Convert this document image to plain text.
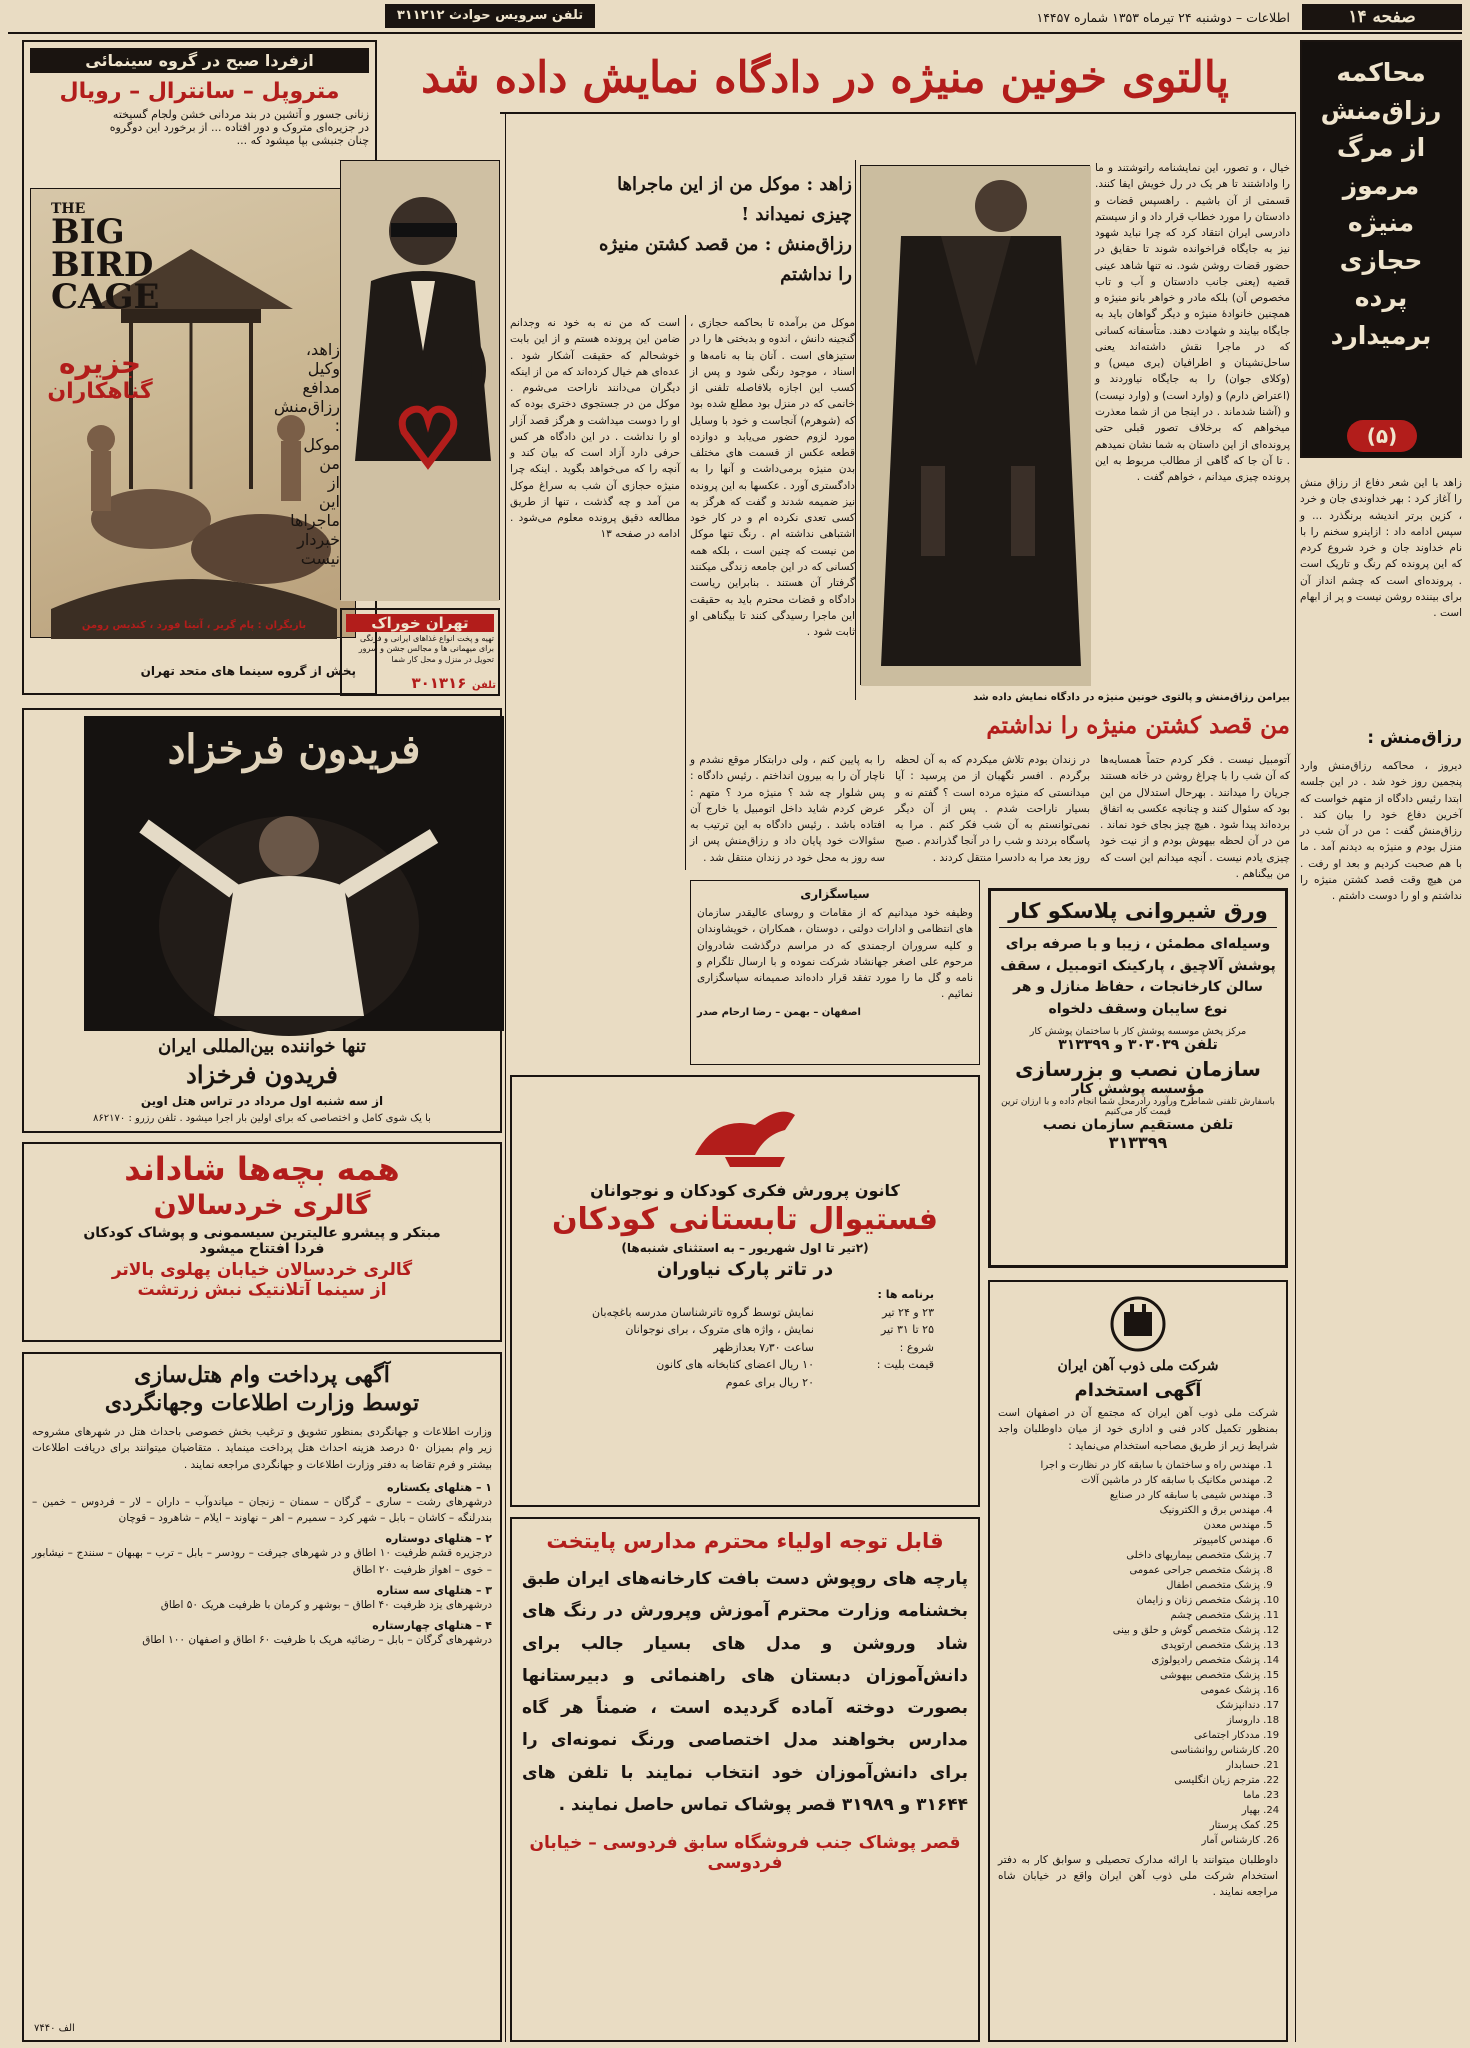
صفحه ۱۴
اطلاعات – دوشنبه ۲۴ تیرماه ۱۳۵۳ شماره ۱۴۴۵۷
تلفن سرویس حوادث ۳۱۱۲۱۲
ازفردا صبح در گروه سینمائی
متروپل – سانترال – رویال
زنانی جسور و آتشین در بند مردانی خشن ولجام گسیخته
در جزیره‌ای متروک و دور افتاده ... از برخورد این دوگروه
چنان جنبشی بپا میشود که ...
THE
BIG
BIRD
CAGE
جزیره
گناهکاران
بازیگران : پام گریر ، آنیتا فورد ، کندیس رومن
پخش از گروه سینما های متحد تهران
تهران خوراک
تهیه و پخت انواع غذاهای ایرانی و فرنگی
برای میهمانی ها و مجالس جشن و سرور
تحویل در منزل و محل کار شما
تلفن ۳۰۱۳۱۶
فریدون فرخزاد
تنها خواننده بین‌المللی ایران
فریدون فرخزاد
از سه شنبه اول مرداد در تراس هتل اوین
با یک شوی کامل و اختصاصی که برای اولین بار اجرا میشود . تلفن رزرو : ۸۶۲۱۷۰
همه بچه‌ها شاد‌اند
گالری خردسالان
مبتکر و پیشرو عالیترین سیسمونی و پوشاک کودکان
فردا افتتاح میشود
گالری خردسالان خیابان پهلوی بالاتر
از سینما آتلانتیک نبش زرتشت
آگهی پرداخت وام هتل‌سازی
توسط وزارت اطلاعات وجهانگردی
وزارت اطلاعات و جهانگردی بمنظور تشویق و ترغیب بخش خصوصی باحداث هتل در شهرهای مشروحه زیر وام بمیزان ۵۰ درصد هزینه احداث هتل پرداخت مینماید . متقاضیان میتوانند برای دریافت اطلاعات بیشتر و فرم تقاضا به دفتر وزارت اطلاعات و جهانگردی مراجعه نمایند .
۱ – هتلهای یکستاره
درشهرهای رشت – ساری – گرگان – سمنان – زنجان – میاندوآب – داران – لار – فردوس – خمین – بندرلنگه – کاشان – بابل – شهر کرد – سمیرم – اهر – نهاوند – ایلام – شاهرود – قوچان
۲ – هتلهای دوستاره
درجزیره قشم ظرفیت ۱۰ اطاق و در شهرهای جیرفت – رودسر – بابل – ترب – بهبهان – سنندج – نیشابور – خوی – اهواز ظرفیت ۲۰ اطاق
۳ – هتلهای سه ستاره
درشهرهای یزد ظرفیت ۴۰ اطاق – بوشهر و کرمان با ظرفیت هریک ۵۰ اطاق
۴ – هتلهای چهارستاره
درشهرهای گرگان – بابل – رضائیه هریک با ظرفیت ۶۰ اطاق و اصفهان ۱۰۰ اطاق
الف ۷۴۴۰
محاکمه
رزاق‌منش
از مرگ
مرموز
منیژه
حجازی
پرده
برمیدارد
(۵)
پالتوی خونین منیژه در دادگاه نمایش داده شد
زاهد : موکل من از این ماجراها
چیزی نمیداند !
رزاق‌منش : من قصد کشتن منیژه
را نداشتم
بیرامن رزاق‌منش و پالتوی خونین منیژه در دادگاه نمایش داده شد
خیال ، و تصور، این نمایشنامه راتوشتند و ما را واداشتند تا هر یک در رل خویش ایفا کنند. قسمتی از آن باشیم . راهسپس قضات و دادستان را مورد خطاب قرار داد و از سیستم دادرسی ایران انتقاد کرد که چرا نباید شهود نیز به جایگاه فراخوانده شوند تا حقایق در حضور قضات روشن شود. نه تنها شاهد عینی قضیه (یعنی جانب دادستان و آب و تاب مخصوص آن) بلکه مادر و خواهر بانو منیژه و همچنین خانوادهٔ منیژه و دیگر گواهان باید به جایگاه بیایند و شهادت دهند. متأسفانه کسانی که در ماجرا نقش داشته‌اند یعنی ساحل‌نشینان و اطرافیان (یری میس) و (وکلای جوان) را به جایگاه نیاوردند و (اعتراض دارم) و (وارد است) و (وارد نیست) و (آشنا شدماند . در اینجا من از شما معذرت میخواهم که برخلاف تصور قبلی حتی پرونده‌ای از این داستان به شما نشان نمیدهم . تا آن جا که گاهی از مطالب مربوط به این پرونده چیزی میدانم ، خواهم گفت .
موکل من برآمده تا بحاکمه حجازی ، گنجینه دانش ، اندوه و بدبختی ها را در ستیزهای است . آنان بنا به نامه‌ها و اسناد ، موجود رنگی شود و پس از کسب این اجازه بلافاصله تلفنی از خانمی که در منزل بود مطلع شده بود که (شوهرم) آنجاست و خود با وسایل مورد لزوم حضور می‌یابد و دوازده قطعه عکس از قسمت های مختلف بدن منیژه برمی‌داشت و آنها را به دادگستری آورد . عکسها به این پرونده نیز ضمیمه شدند و گفت که هرگز به کسی تعدی نکرده ام و در کار خود اشتباهی نداشته ام . رنگ تنها موکل من نیست که چنین است ، بلکه همه کسانی که در این جامعه زندگی میکنند گرفتار آن هستند . بنابراین ریاست دادگاه و قضات محترم باید به حقیقت این ماجرا رسیدگی کنند تا بیگناهی او ثابت شود .
است که من نه به خود نه وجدانم ضامن این پرونده هستم و از این بابت خوشحالم که حقیقت آشکار شود . عده‌ای هم خیال کرده‌اند که من از اینکه دیگران می‌دانند ناراحت می‌شوم . موکل من در جستجوی دختری بوده که او را دوست میداشت و هرگز قصد آزار او را نداشت . در این دادگاه هر کس حرفی دارد آزاد است که بیان کند و آنچه را که می‌خواهد بگوید . اینکه چرا منیژه حجازی آن شب به سراغ موکل من آمد و چه گذشت ، تنها از طریق مطالعه دقیق پرونده معلوم می‌شود . ادامه در صفحه ۱۳
زاهد با این شعر دفاع از رزاق منش را آغاز کرد : بهر خداوندی جان و خرد ، کزین برتر اندیشه برنگذرد ... و سپس ادامه داد : ازاینرو سخنم را با نام خداوند جان و خرد شروع کردم که این پرونده کم رنگ و تاریک است . پرونده‌ای است که چشم انداز آن برای بیننده روشن نیست و پر از ابهام است .
من قصد کشتن منیژه را نداشتم	رزاق‌منش :
دیروز ، محاکمه رزاق‌منش وارد پنجمین روز خود شد . در این جلسه ابتدا رئیس دادگاه از متهم خواست که آخرین دفاع خود را بیان کند . رزاق‌منش گفت : من در آن شب در منزل بودم و منیژه به دیدنم آمد . ما با هم صحبت کردیم و بعد او رفت . من هیچ وقت قصد کشتن منیژه را نداشتم و او را دوست داشتم .
آتومبیل نیست . فکر کردم حتماً همسایه‌ها که آن شب را با چراغ روشن در خانه هستند جریان را میدانند . بهرحال استدلال من این بود که سئوال کنند و چنانچه عکسی به اتفاق برده‌اند پیدا شود . هیچ چیز بجای خود نماند . من در آن لحظه بیهوش بودم و از نیت خود چیزی یادم نیست . آنچه میدانم این است که من بیگناهم .
در زندان بودم تلاش میکردم که به آن لحظه برگردم . افسر نگهبان از من پرسید : آیا میدانستی که منیژه مرده است ؟ گفتم نه و بسیار ناراحت شدم . پس از آن دیگر نمی‌توانستم به آن شب فکر کنم . مرا به پاسگاه بردند و شب را در آنجا گذراندم . صبح روز بعد مرا به دادسرا منتقل کردند .
را به پایین کنم ، ولی درابتکار موقع نشدم و ناچار آن را به بیرون انداختم . رئیس دادگاه : پس شلوار چه شد ؟ منیژه مرد ؟ متهم : عرض کردم شاید داخل اتومبیل یا خارج آن افتاده باشد . رئیس دادگاه به این ترتیب به سئوالات خود پایان داد و رزاق‌منش پس از سه روز به محل خود در زندان منتقل شد .
سیاسگزاری
وظیفه خود میدانیم که از مقامات و روسای عالیقدر سازمان های انتظامی و ادارات دولتی ، دوستان ، همکاران ، خویشاوندان و کلیه سروران ارجمندی که در مراسم درگذشت شادروان مرحوم علی اصغر جهانشاد شرکت نموده و با ارسال تلگرام و نامه و گل ما را مورد تفقد قرار داده‌اند صمیمانه سپاسگزاری نمائیم .
اصفهان – بهمن – رضا ارحام صدر
ورق شیروانی پلاسکو کار
وسیله‌ای مطمئن ، زیبا و با صرفه برای پوشش آلاچیق ، پارکینک اتومبیل ، سقف سالن کارخانجات ، حفاظ منازل و هر نوع سایبان وسقف دلخواه
مرکز پخش موسسه پوشش کار با ساختمان پوشش کار
تلفن ۳۰۳۰۳۹ و ۳۱۳۳۹۹
سازمان نصب و بزرسازی
مؤسسه پوشش کار
باسفارش تلفنی شماطرح ورآورد رادرمحل شما انجام داده و با ارزان ترین قیمت کار می‌کنیم
تلفن مستقیم سازمان نصب
۳۱۳۳۹۹
کانون پرورش فکری کودکان و نوجوانان
فستیوال تابستانی کودکان
(۲تیر تا اول شهریور – به استثنای شنبه‌ها)
در تاتر پارک نیاوران
برنامه ها :
۲۳ و ۲۴ تیرنمایش توسط گروه تاترشناسان مدرسه باغچه‌بان
۲۵ تا ۳۱ تیرنمایش ، واژه های متروک ، برای نوجوانان
شروع :ساعت ۷٫۳۰ بعدازظهر
قیمت بلیت :۱۰ ریال اعضای کتابخانه های کانون
۲۰ ریال برای عموم
قابل توجه اولیاء محترم مدارس پایتخت
پارچه های روپوش دست بافت کارخانه‌های ایران طبق بخشنامه وزارت محترم آموزش وپرورش در رنگ های شاد وروشن و مدل های بسیار جالب برای دانش‌آموزان دبستان های راهنمائی و دبیرستانها بصورت دوخته آماده گردیده است ، ضمناً هر گاه مدارس بخواهند مدل اختصاصی ورنگ نمونه‌ای را برای دانش‌آموزان خود انتخاب نمایند با تلفن های ۳۱۶۴۴ و ۳۱۹۸۹ قصر پوشاک تماس حاصل نمایند .
قصر پوشاک جنب فروشگاه سابق فردوسی – خیابان فردوسی
شرکت ملی ذوب آهن ایران
آگهی استخدام
شرکت ملی ذوب آهن ایران که مجتمع آن در اصفهان است بمنظور تکمیل کادر فنی و اداری خود از میان داوطلبان واجد شرایط زیر از طریق مصاحبه استخدام می‌نماید :
1. مهندس راه و ساختمان با سابقه کار در نظارت و اجرا
2. مهندس مکانیک با سابقه کار در ماشین آلات
3. مهندس شیمی با سابقه کار در صنایع
4. مهندس برق و الکترونیک
5. مهندس معدن
6. مهندس کامپیوتر
7. پزشک متخصص بیماریهای داخلی
8. پزشک متخصص جراحی عمومی
9. پزشک متخصص اطفال
10. پزشک متخصص زنان و زایمان
11. پزشک متخصص چشم
12. پزشک متخصص گوش و حلق و بینی
13. پزشک متخصص ارتوپدی
14. پزشک متخصص رادیولوژی
15. پزشک متخصص بیهوشی
16. پزشک عمومی
17. دندانپزشک
18. داروساز
19. مددکار اجتماعی
20. کارشناس روانشناسی
21. حسابدار
22. مترجم زبان انگلیسی
23. ماما
24. بهیار
25. کمک پرستار
26. کارشناس آمار
داوطلبان میتوانند با ارائه مدارک تحصیلی و سوابق کار به دفتر استخدام شرکت ملی ذوب آهن ایران واقع در خیابان شاه مراجعه نمایند .
